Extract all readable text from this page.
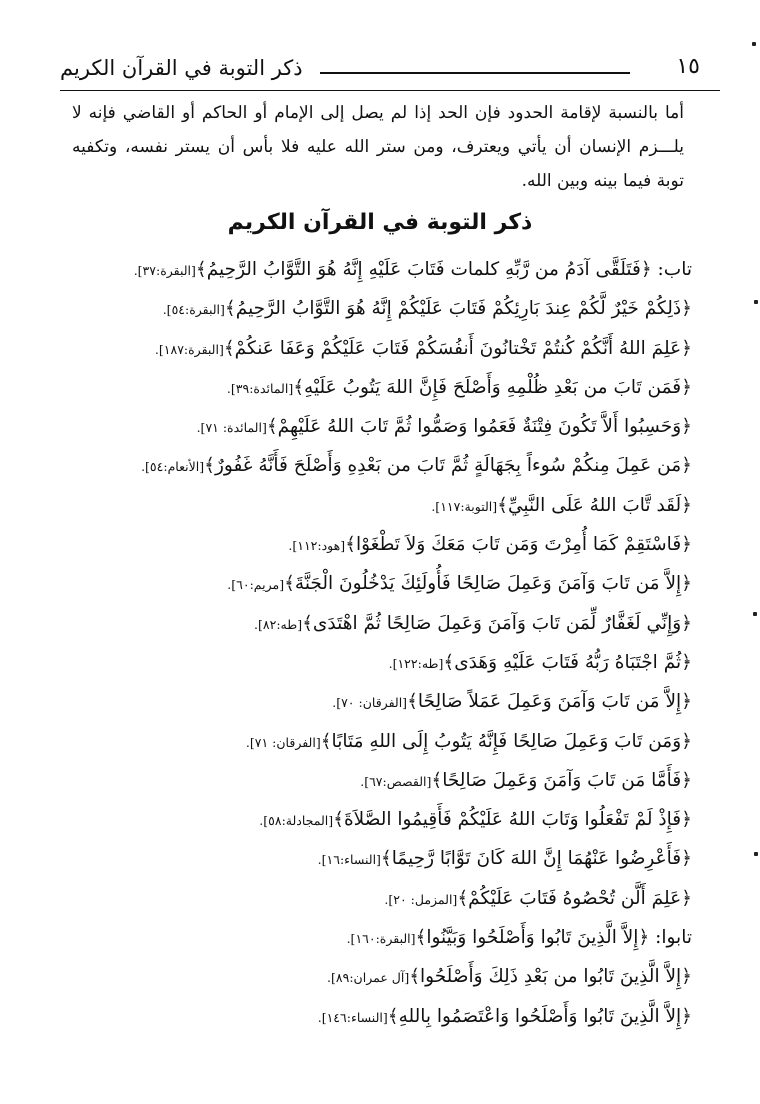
١٥
ذكر التوبة في القرآن الكريم
أما بالنسبة لإقامة الحدود فإن الحد إذا لم يصل إلى الإمام أو الحاكم أو القاضي فإنه لا يلـــزم الإنسان أن يأتي ويعترف، ومن ستر الله عليه فلا بأس أن يستر نفسه، وتكفيه توبة فيما بينه وبين الله.
ذكر التوبة في القرآن الكريم
تاب: ﴿فَتَلَقَّى آدَمُ من رَّبِّهِ كلمات فَتَابَ عَلَيْهِ إِنَّهُ هُوَ التَّوَّابُ الرَّحِيمُ﴾[البقرة:٣٧].
﴿ذَلِكُمْ خَيْرٌ لَّكُمْ عِندَ بَارِئِكُمْ فَتَابَ عَلَيْكُمْ إِنَّهُ هُوَ التَّوَّابُ الرَّحِيمُ﴾[البقرة:٥٤].
﴿عَلِمَ اللهُ أَنَّكُمْ كُنتُمْ تَخْتانُونَ أَنفُسَكُمْ فَتَابَ عَلَيْكُمْ وَعَفَا عَنكُمْ﴾[البقرة:١٨٧].
﴿فَمَن تَابَ من بَعْدِ ظُلْمِهِ وَأَصْلَحَ فَإِنَّ اللهَ يَتُوبُ عَلَيْهِ﴾[المائدة:٣٩].
﴿وَحَسِبُوا أَلاَّ تَكُونَ فِتْنَةٌ فَعَمُوا وَصَمُّوا ثُمَّ تَابَ اللهُ عَلَيْهِمْ﴾[المائدة: ٧١].
﴿مَن عَمِلَ مِنكُمْ سُوءاً بِجَهَالَةٍ ثُمَّ تَابَ من بَعْدِهِ وَأَصْلَحَ فَأَنَّهُ غَفُورٌ﴾[الأنعام:٥٤].
﴿لَقَد تَّابَ اللهُ عَلَى النَّبِيِّ﴾[التوبة:١١٧].
﴿فَاسْتَقِمْ كَمَا أُمِرْتَ وَمَن تَابَ مَعَكَ وَلاَ تَطْغَوْا﴾[هود:١١٢].
﴿إِلاَّ مَن تَابَ وَآمَنَ وَعَمِلَ صَالِحًا فَأُولَئِكَ يَدْخُلُونَ الْجَنَّةَ﴾[مريم:٦٠].
﴿وَإِنِّي لَغَفَّارٌ لِّمَن تَابَ وَآمَنَ وَعَمِلَ صَالِحًا ثُمَّ اهْتَدَى﴾[طه:٨٢].
﴿ثُمَّ اجْتَبَاهُ رَبُّهُ فَتَابَ عَلَيْهِ وَهَدَى﴾[طه:١٢٢].
﴿إِلاَّ مَن تَابَ وَآمَنَ وَعَمِلَ عَمَلاً صَالِحًا﴾[الفرقان: ٧٠].
﴿وَمَن تَابَ وَعَمِلَ صَالِحًا فَإِنَّهُ يَتُوبُ إِلَى اللهِ مَتَابًا﴾[الفرقان: ٧١].
﴿فَأَمَّا مَن تَابَ وَآمَنَ وَعَمِلَ صَالِحًا﴾[القصص:٦٧].
﴿فَإِذْ لَمْ تَفْعَلُوا وَتَابَ اللهُ عَلَيْكُمْ فَأَقِيمُوا الصَّلاَةَ﴾[المجادلة:٥٨].
﴿فَأَعْرِضُوا عَنْهُمَا إِنَّ اللهَ كَانَ تَوَّابًا رَّحِيمًا﴾[النساء:١٦].
﴿عَلِمَ أَلَّن تُحْصُوهُ فَتَابَ عَلَيْكُمْ﴾[المزمل: ٢٠].
تابوا: ﴿إِلاَّ الَّذِينَ تَابُوا وَأَصْلَحُوا وَبَيَّنُوا﴾[البقرة:١٦٠].
﴿إِلاَّ الَّذِينَ تَابُوا من بَعْدِ ذَلِكَ وَأَصْلَحُوا﴾[آل عمران:٨٩].
﴿إِلاَّ الَّذِينَ تَابُوا وَأَصْلَحُوا وَاعْتَصَمُوا بِاللهِ﴾[النساء:١٤٦].
